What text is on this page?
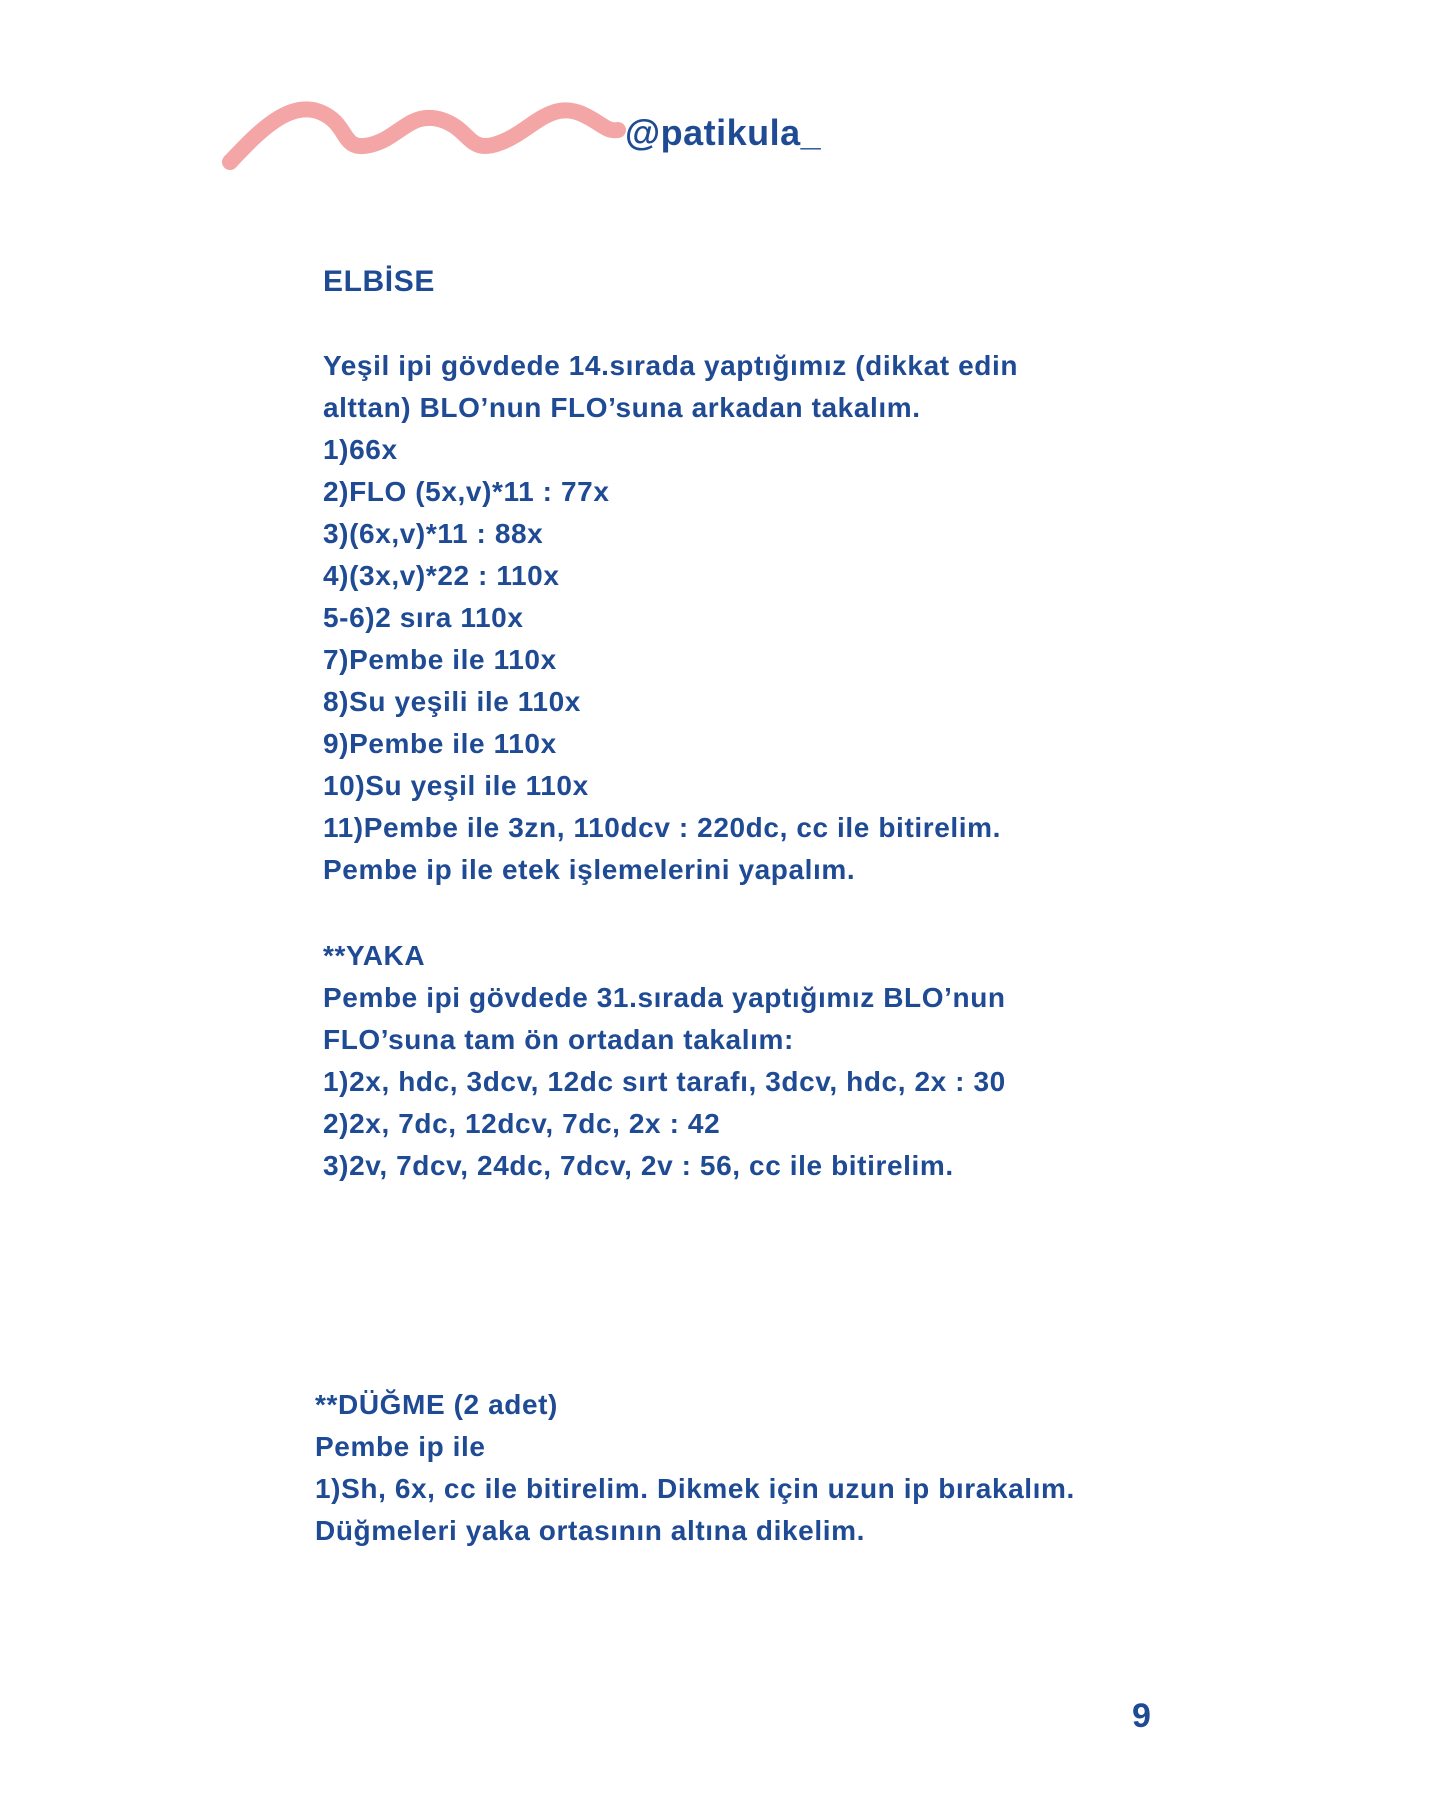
@patikula_
ELBİSE
Yeşil ipi gövdede 14.sırada yaptığımız (dikkat edin
alttan) BLO’nun FLO’suna arkadan takalım.
1)66x
2)FLO (5x,v)*11 : 77x
3)(6x,v)*11 : 88x
4)(3x,v)*22 : 110x
5-6)2 sıra 110x
7)Pembe ile 110x
8)Su yeşili ile 110x
9)Pembe ile 110x
10)Su yeşil ile 110x
11)Pembe ile 3zn, 110dcv : 220dc, cc ile bitirelim.
Pembe ip ile etek işlemelerini yapalım.
**YAKA
Pembe ipi gövdede 31.sırada yaptığımız BLO’nun
FLO’suna tam ön ortadan takalım:
1)2x, hdc, 3dcv, 12dc sırt tarafı, 3dcv, hdc, 2x : 30
2)2x, 7dc, 12dcv, 7dc, 2x : 42
3)2v, 7dcv, 24dc, 7dcv, 2v : 56, cc ile bitirelim.
**DÜĞME (2 adet)
Pembe ip ile
1)Sh, 6x, cc ile bitirelim. Dikmek için uzun ip bırakalım.
Düğmeleri yaka ortasının altına dikelim.
9
